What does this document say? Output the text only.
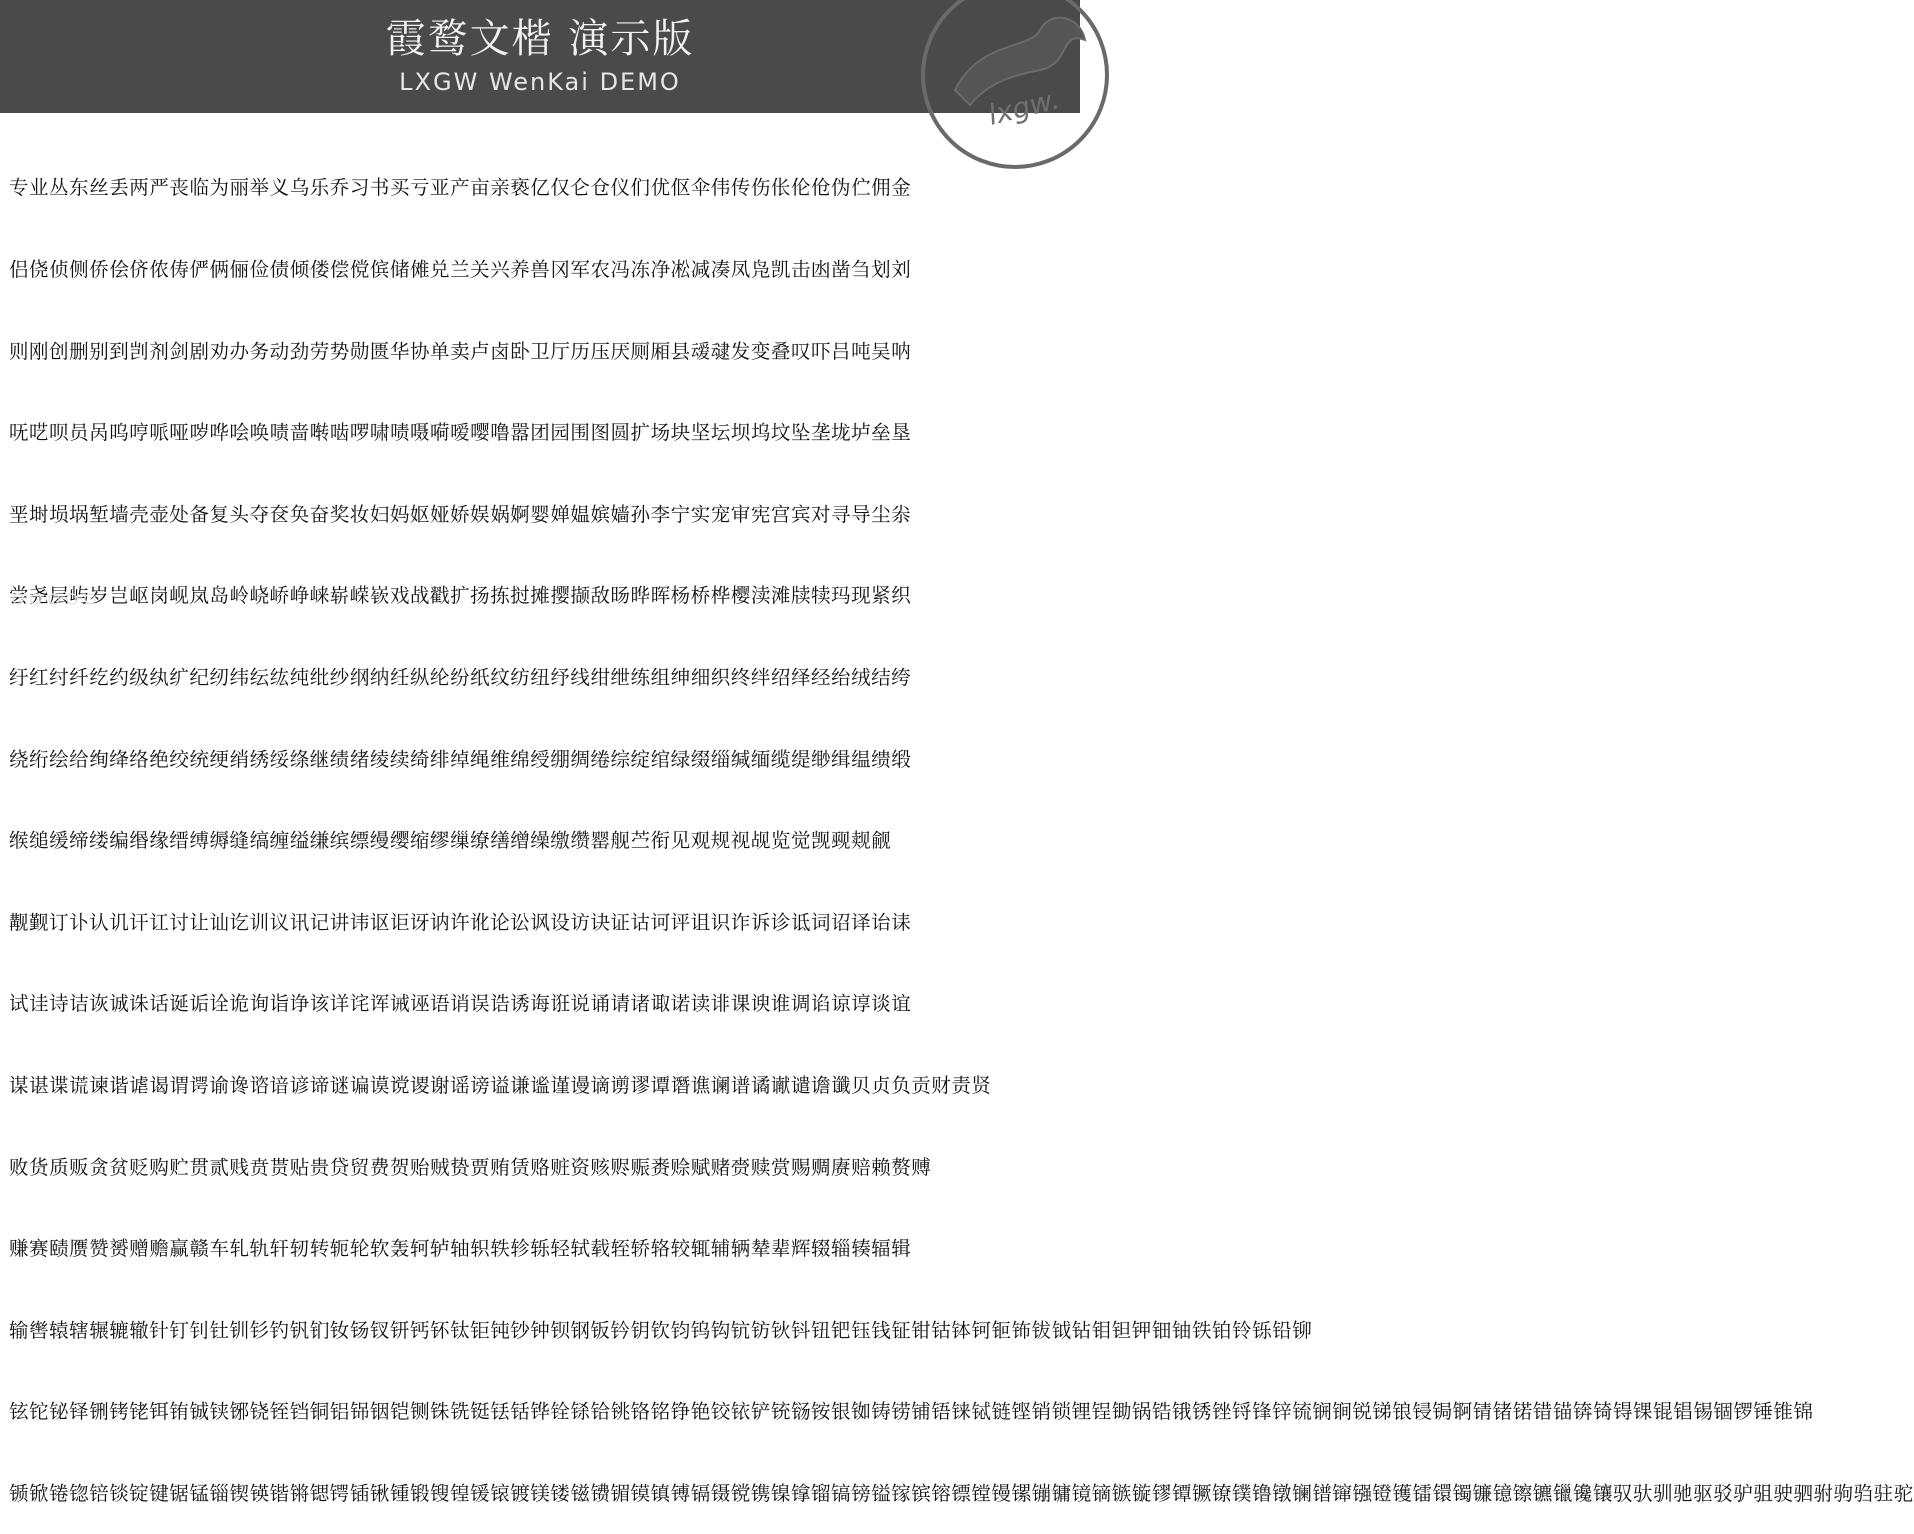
lxgw.
霞鹜文楷 演示版
LXGW WenKai DEMO

专业丛东丝丢两严丧临为丽举义乌乐乔习书买亏亚产亩亲亵亿仅仑仓仪们优伛伞伟传伤伥伦伧伪伫佣金

侣侥侦侧侨侩侪侬俦俨俩俪俭债倾偻偿傥傧储傩兑兰关兴养兽冈军农冯冻净凇减凑凤凫凯击凼凿刍划刘

则刚创删别到剀剂剑剧劝办务动劲劳势勋匮华协单卖卢卤卧卫厅历压厌厕厢县叆叇发变叠叹吓吕吨吴呐

呒呓呗员呙呜哼哌哑哕哗哙唤啧啬啭啮啰啸啧嗫嗬嗳嘤噜嚣团园围图圆扩场块坚坛坝坞坟坠垄垅垆垒垦

垩埘埙埚堑墙壳壶处备复头夺奁奂奋奖妆妇妈妪娅娇娱娲婀婴婵媪嫔嫱孙李宁实宠审宪宫宾对寻导尘尜

尝尧层屿岁岂岖岗岘岚岛岭峣峤峥崃崭嵘嵚戏战戳扩扬拣挝摊撄撷敌旸晔晖杨桥桦樱渎滩牍犊玛现紧织

纡红纣纤纥约级纨纩纪纫纬纭纮纯纰纱纲纳纴纵纶纷纸纹纺纽纾线绀绁练组绅细织终绊绍绎经绐绒结绔

绕绗绘给绚绛络绝绞统绠绡绣绥绦继绩绪绫续绮绯绰绳维绵绶绷绸绻综绽绾绿缀缁缄缅缆缇缈缉缊缋缎

缑缒缓缔缕编缗缘缙缚缛缝缟缠缢缣缤缥缦缨缩缪缫缭缮缯缲缴缵罂舰苎衔见观规视觇览觉觊觋觌觎

觏觐订讣认讥讦讧讨让讪讫训议讯记讲讳讴讵讶讷许讹论讼讽设访诀证诂诃评诅识诈诉诊诋词诏译诒诔

试诖诗诘诙诚诛话诞诟诠诡询诣诤该详诧诨诫诬语诮误诰诱诲诳说诵请诸诹诺读诽课谀谁调谄谅谆谈谊

谋谌谍谎谏谐谑谒谓谔谕谗谘谙谚谛谜谝谟谠谡谢谣谤谥谦谧谨谩谪谫谬谭谮谯谰谱谲谳谴谵谶贝贞负贡财责贤

败货质贩贪贫贬购贮贯贰贱贲贳贴贵贷贸费贺贻贼贽贾贿赁赂赃资赅赆赈赉赊赋赌赍赎赏赐赒赓赔赖赘赙

赚赛赜赝赞赟赠赡赢赣车轧轨轩轫转轭轮软轰轲轳轴轵轶轸轹轻轼载轾轿辂较辄辅辆辇辈辉辍辎辏辐辑

输辔辕辖辗辘辙针钉钊钍钏钐钓钒钔钕钖钗钘钙钚钛钜钝钞钟钡钢钣钤钥钦钧钨钩钪钫钬钭钮钯钰钱钲钳钴钵钶钷钸钹钺钻钼钽钾钿铀铁铂铃铄铅铆

铉铊铋铎铏铐铑铒铕铖铗铘铙铚铛铜铝铞铟铠铡铢铣铤铥铦铧铨铩铪铫铬铭铮铯铰铱铲铳铴铵银铷铸铹铺铻铼铽链铿销锁锂锃锄锅锆锇锈锉锊锋锌锍锎锏锐锑锒锓锔锕锖锗锘错锚锛锜锝锞锟锠锡锢锣锤锥锦

锧锨锩锪锫锬锭键锯锰锱锲锳锴锵锶锷锸锹锺锻锼锽锾锿镀镁镂镃镄镅镆镇镈镉镊镋镌镍镎镏镐镑镒镓镔镕镖镗镘镙镚镛镜镝镞镟镠镡镢镣镤镥镦镧镨镩镪镫镬镭镮镯镰镱镲镳镴镵镶驭驮驯驰驱驳驴驵驶驷驸驹驺驻驼
